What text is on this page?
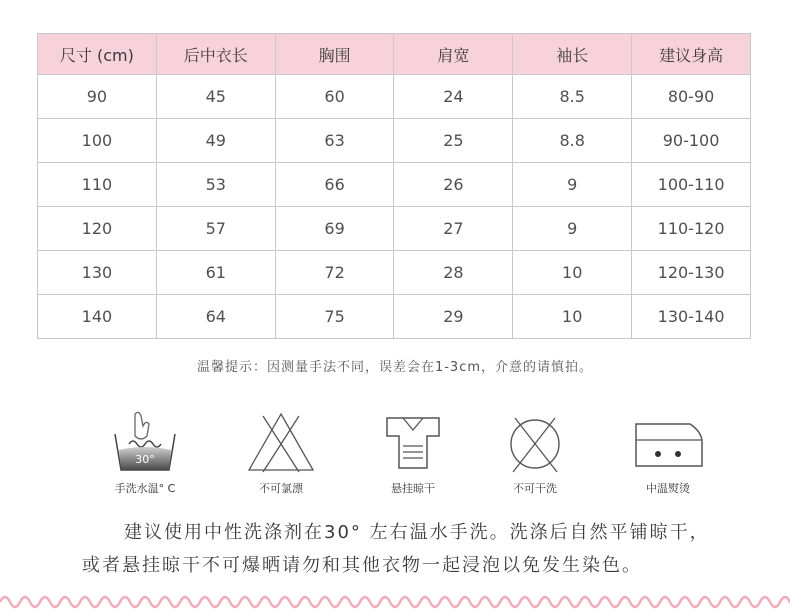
尺寸 (cm)	后中衣长	胸围	肩宽	袖长	建议身高
90	45	60	24	8.5	80-90
100	49	63	25	8.8	90-100
110	53	66	26	9	100-110
120	57	69	27	9	110-120
130	61	72	28	10	120-130
140	64	75	29	10	130-140
温馨提示：因测量手法不同，误差会在1-3cm，介意的请慎拍。
30°
手洗水温° C	不可氯漂	悬挂晾干	不可干洗	中温熨烫
建议使用中性洗涤剂在30° 左右温水手洗。洗涤后自然平铺晾干，
或者悬挂晾干不可爆晒请勿和其他衣物一起浸泡以免发生染色。
